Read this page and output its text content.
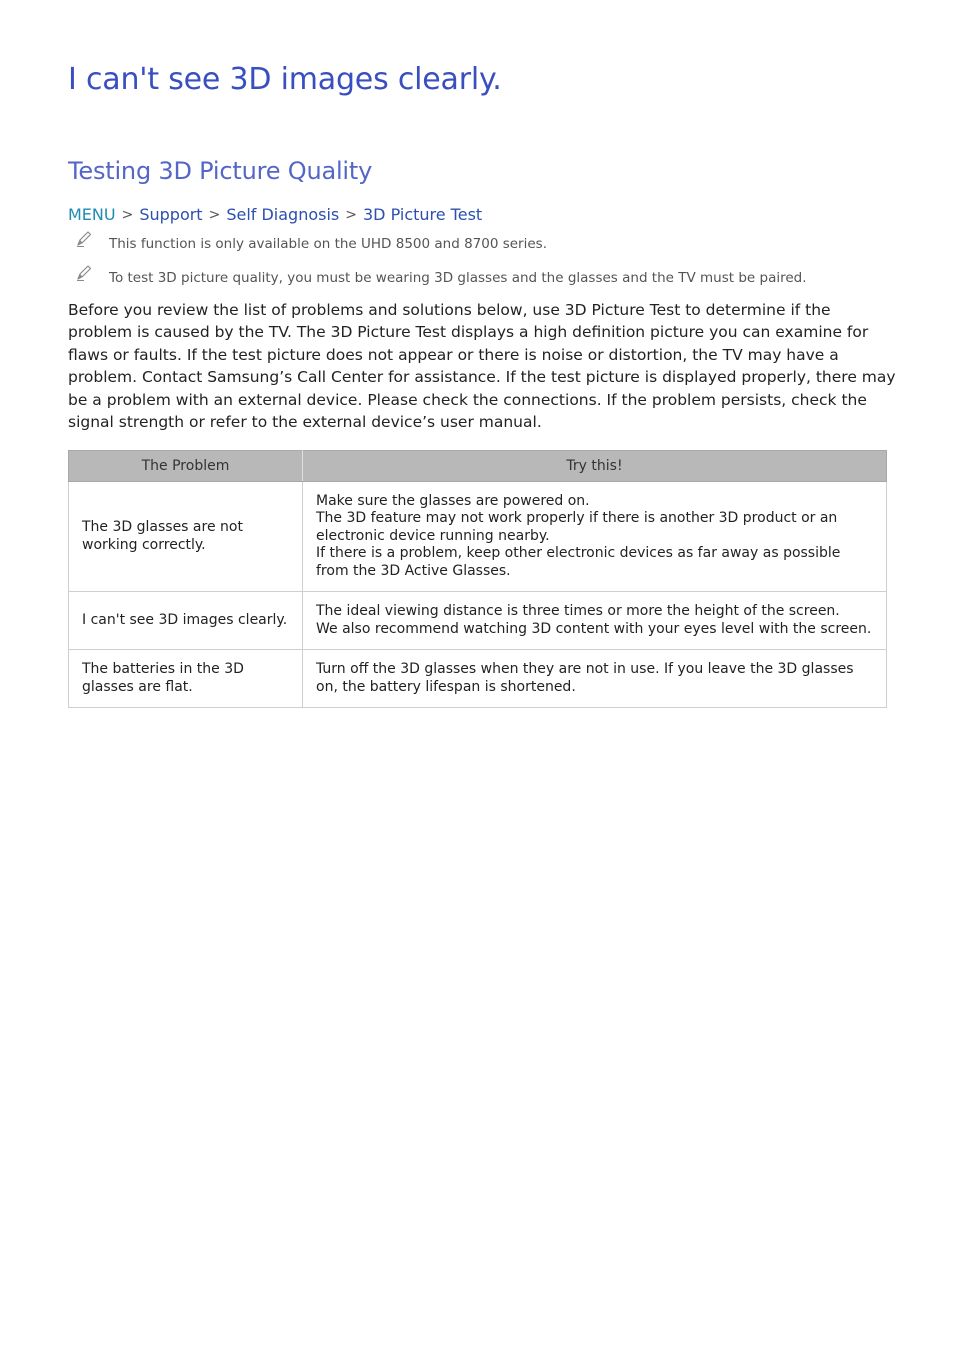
I can't see 3D images clearly.
Testing 3D Picture Quality
MENU > Support > Self Diagnosis > 3D Picture Test
This function is only available on the UHD 8500 and 8700 series.
To test 3D picture quality, you must be wearing 3D glasses and the glasses and the TV must be paired.

Before you review the list of problems and solutions below, use 3D Picture Test to determine if the problem is caused by the TV. The 3D Picture Test displays a high definition picture you can examine for flaws or faults. If the test picture does not appear or there is noise or distortion, the TV may have a problem. Contact Samsung’s Call Center for assistance. If the test picture is displayed properly, there may be a problem with an external device. Please check the connections. If the problem persists, check the signal strength or refer to the external device’s user manual.

The Problem	Try this!
The 3D glasses are not working correctly.	Make sure the glasses are powered on.
The 3D feature may not work properly if there is another 3D product or an electronic device running nearby.
If there is a problem, keep other electronic devices as far away as possible from the 3D Active Glasses.

I can't see 3D images clearly.	The ideal viewing distance is three times or more the height of the screen.
We also recommend watching 3D content with your eyes level with the screen.

The batteries in the 3D glasses are flat.	Turn off the 3D glasses when they are not in use. If you leave the 3D glasses on, the battery lifespan is shortened.
